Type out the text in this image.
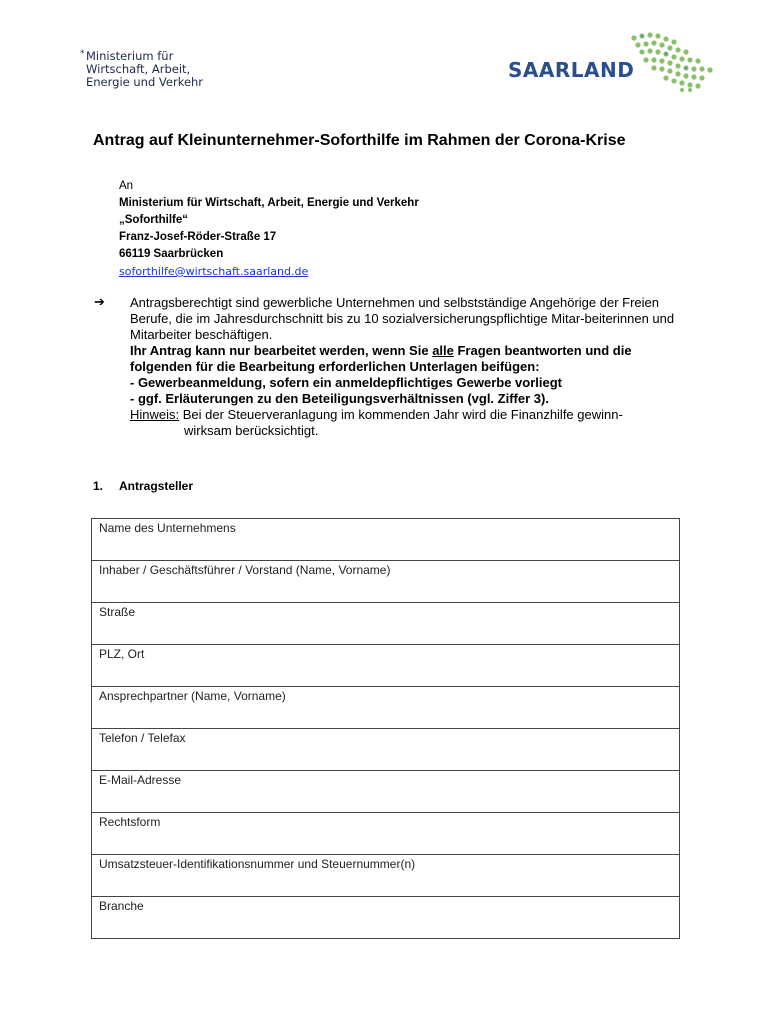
* Ministerium für
Wirtschaft, Arbeit,
Energie und Verkehr	SAARLAND
Antrag auf Kleinunternehmer-Soforthilfe im Rahmen der Corona-Krise
An
Ministerium für Wirtschaft, Arbeit, Energie und Verkehr
„Soforthilfe“
Franz-Josef-Röder-Straße 17
66119 Saarbrücken
soforthilfe@wirtschaft.saarland.de
➔ Antragsberechtigt sind gewerbliche Unternehmen und selbstständige Angehörige der Freien Berufe, die im Jahresdurchschnitt bis zu 10 sozialversicherungspflichtige Mitar-beiterinnen und Mitarbeiter beschäftigen.
Ihr Antrag kann nur bearbeitet werden, wenn Sie alle Fragen beantworten und die folgenden für die Bearbeitung erforderlichen Unterlagen beifügen:
- Gewerbeanmeldung, sofern ein anmeldepflichtiges Gewerbe vorliegt
- ggf. Erläuterungen zu den Beteiligungsverhältnissen (vgl. Ziffer 3).
Hinweis: Bei der Steuerveranlagung im kommenden Jahr wird die Finanzhilfe gewinn-
wirksam berücksichtigt.
1. Antragsteller
Name des Unternehmens
Inhaber / Geschäftsführer / Vorstand (Name, Vorname)
Straße
PLZ, Ort
Ansprechpartner (Name, Vorname)
Telefon / Telefax
E-Mail-Adresse
Rechtsform
Umsatzsteuer-Identifikationsnummer und Steuernummer(n)
Branche
